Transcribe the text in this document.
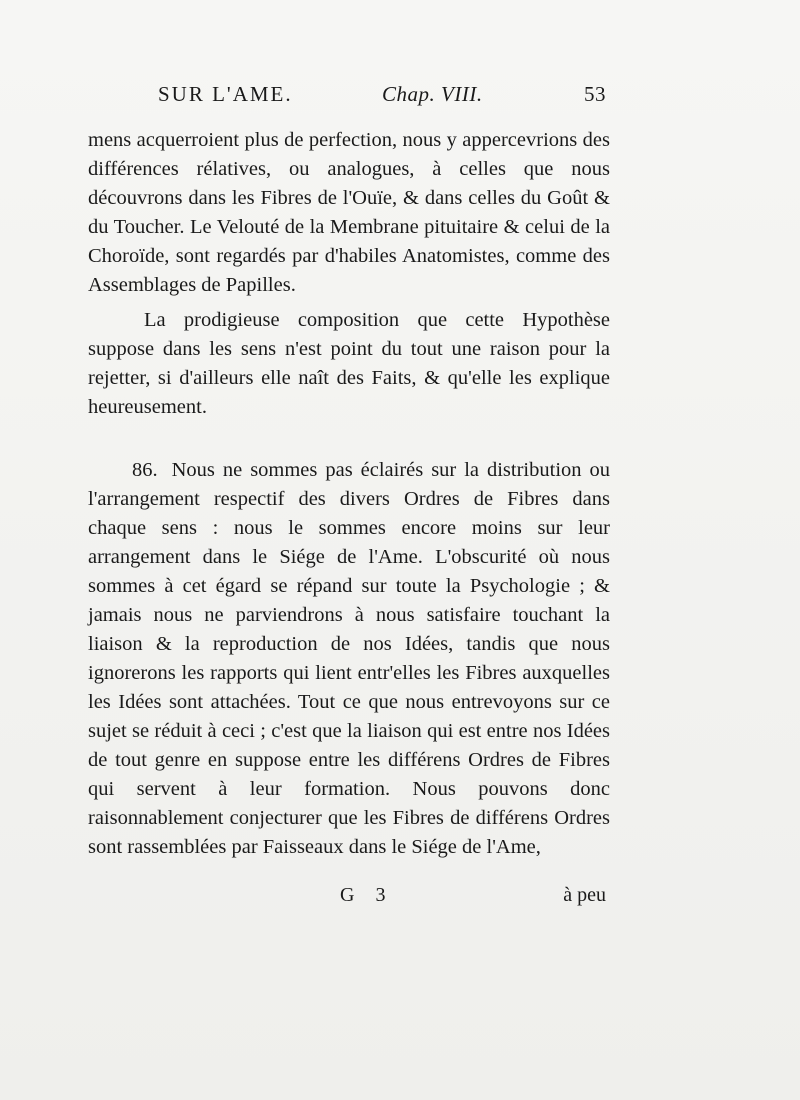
SUR L'AME.	Chap. VIII.	53

mens acquerroient plus de perfection, nous y appercevrions des différences rélatives, ou analogues, à celles que nous découvrons dans les Fibres de l'Ouïe, & dans celles du Goût & du Toucher. Le Velouté de la Membrane pituitaire & celui de la Choroïde, sont regardés par d'habiles Anatomistes, comme des Assemblages de Papilles.

La prodigieuse composition que cette Hypothèse suppose dans les sens n'est point du tout une raison pour la rejetter, si d'ailleurs elle naît des Faits, & qu'elle les explique heureusement.

86. Nous ne sommes pas éclairés sur la distribution ou l'arrangement respectif des divers Ordres de Fibres dans chaque sens : nous le sommes encore moins sur leur arrangement dans le Siége de l'Ame. L'obscurité où nous sommes à cet égard se répand sur toute la Psychologie ; & jamais nous ne parviendrons à nous satisfaire touchant la liaison & la reproduction de nos Idées, tandis que nous ignorerons les rapports qui lient entr'elles les Fibres auxquelles les Idées sont attachées. Tout ce que nous entrevoyons sur ce sujet se réduit à ceci ; c'est que la liaison qui est entre nos Idées de tout genre en suppose entre les différens Ordres de Fibres qui servent à leur formation. Nous pouvons donc raisonnablement conjecturer que les Fibres de différens Ordres sont rassemblées par Faisseaux dans le Siége de l'Ame,

G 3	à peu
